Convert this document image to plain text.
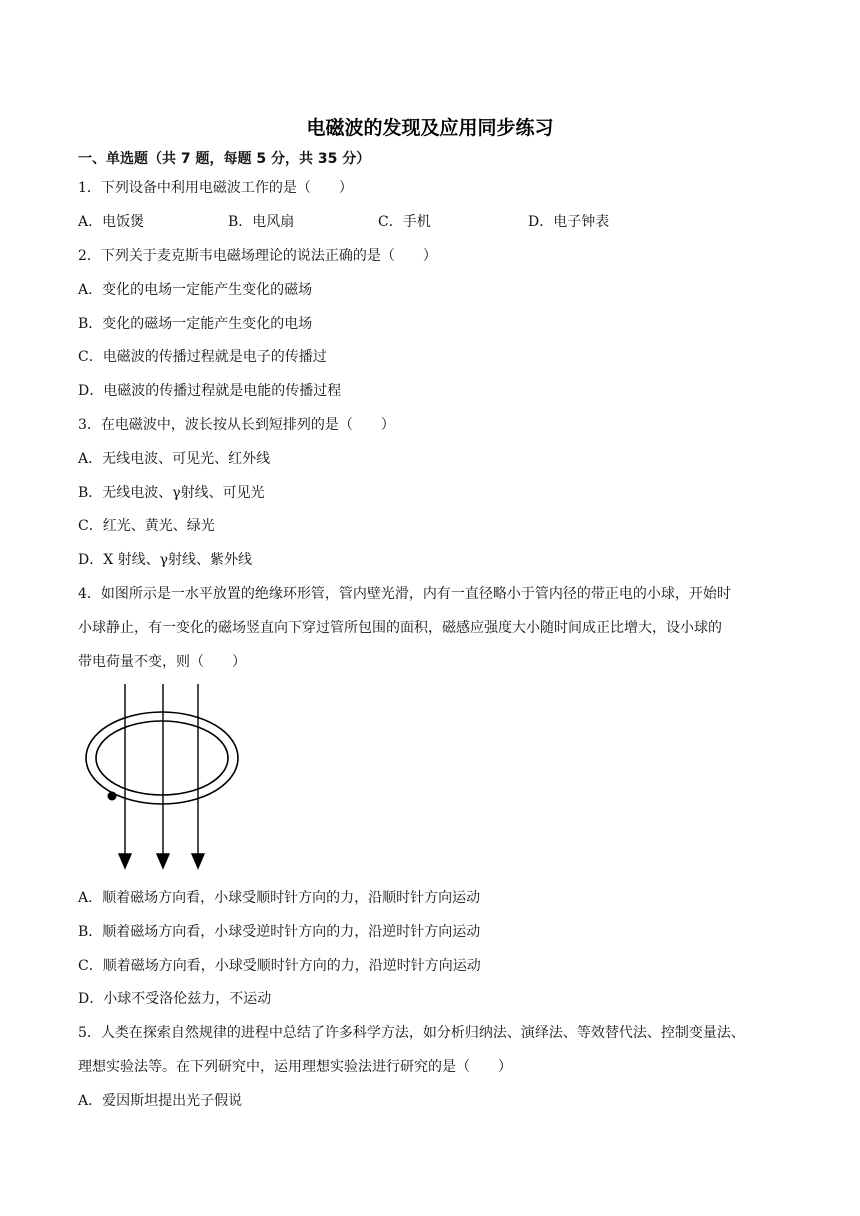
电磁波的发现及应用同步练习
一、单选题（共 7 题，每题 5 分，共 35 分）
1．下列设备中利用电磁波工作的是（　　）
A．电饭煲	B．电风扇	C．手机	D．电子钟表
2．下列关于麦克斯韦电磁场理论的说法正确的是（　　）
A．变化的电场一定能产生变化的磁场
B．变化的磁场一定能产生变化的电场
C．电磁波的传播过程就是电子的传播过
D．电磁波的传播过程就是电能的传播过程
3．在电磁波中，波长按从长到短排列的是（　　）
A．无线电波、可见光、红外线
B．无线电波、γ射线、可见光
C．红光、黄光、绿光
D．X 射线、γ射线、紫外线
4．如图所示是一水平放置的绝缘环形管，管内壁光滑，内有一直径略小于管内径的带正电的小球，开始时
小球静止，有一变化的磁场竖直向下穿过管所包围的面积，磁感应强度大小随时间成正比增大，设小球的
带电荷量不变，则（　　）
A．顺着磁场方向看，小球受顺时针方向的力，沿顺时针方向运动
B．顺着磁场方向看，小球受逆时针方向的力，沿逆时针方向运动
C．顺着磁场方向看，小球受顺时针方向的力，沿逆时针方向运动
D．小球不受洛伦兹力，不运动
5．人类在探索自然规律的进程中总结了许多科学方法，如分析归纳法、演绎法、等效替代法、控制变量法、
理想实验法等。在下列研究中，运用理想实验法进行研究的是（　　）
A．爱因斯坦提出光子假说
